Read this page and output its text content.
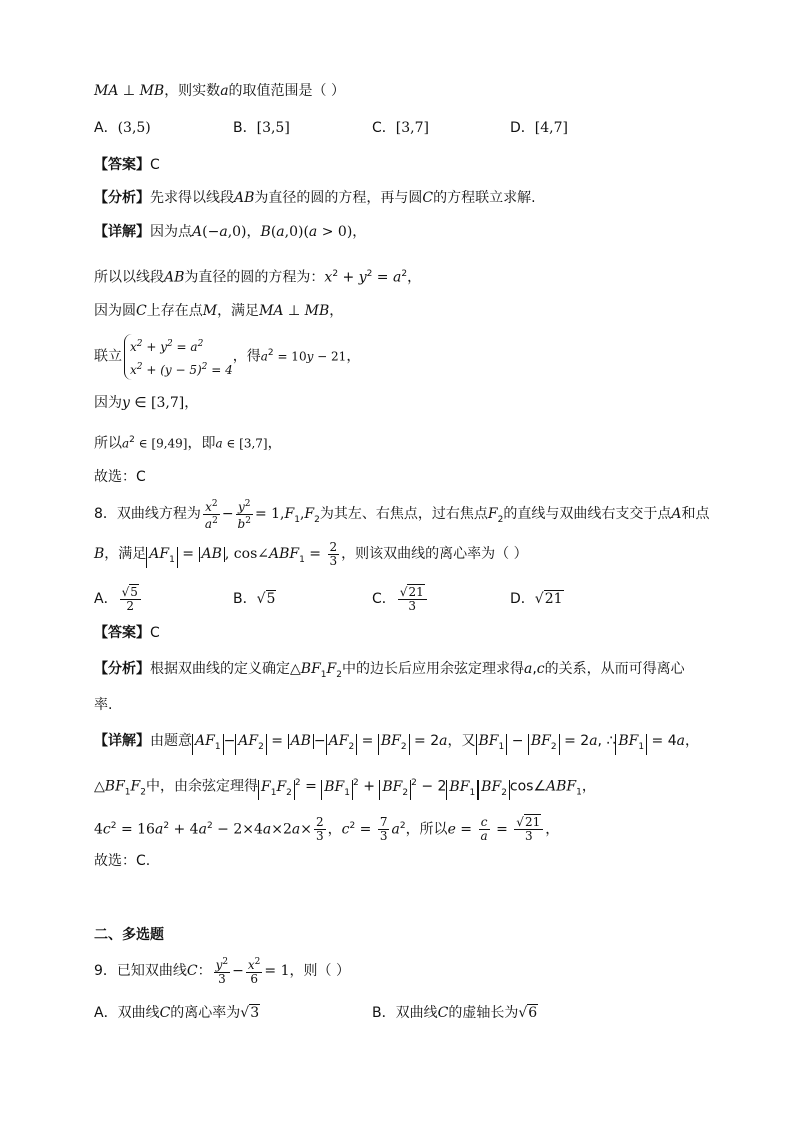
MA ⊥ MB，则实数a的取值范围是（ ）
A．(3,5)	B．[3,5]	C．[3,7]	D．[4,7]
【答案】C
【分析】先求得以线段AB为直径的圆的方程，再与圆C的方程联立求解.
【详解】因为点A(−a,0)，B(a,0)(a > 0)，
所以以线段AB为直径的圆的方程为：$x^2 + y^2 = a^2$，
因为圆C上存在点M，满足MA ⊥ MB，
联立$x^2 + y^2 = a^2$
$x^2 + (y - 5)^2 = 4$，得$a^2 = 10y - 21$，
因为y ∈ [3,7]，
所以$a^2$ ∈ [9,49]，即a ∈ [3,7]，
故选：C
8．双曲线方程为 $\frac{x^2}{a^2} - \frac{y^2}{b^2} = 1,F_1,F_2$为其左、右焦点，过右焦点$F_2$的直线与双曲线右支交于点A和点
B，满足 $AF_1$ = AB , $\cos\angle ABF_1 = \frac{2}{3}$ ，则该双曲线的离心率为（ ）
A． $\frac{√5}{2}$	B．√5	C． $\frac{√21}{3}$	D．√21
【答案】C
【分析】根据双曲线的定义确定$\triangle BF_1F_2$中的边长后应用余弦定理求得a,c的关系，从而可得离心
率.
【详解】由题意 $AF_1 - AF_2$ = AB − $AF_2 = BF_2 = 2a$，又 $BF_1 - BF_2 = 2a$, ∴ $BF_1 = 4a$，
$\triangle BF_1F_2$中，由余弦定理得 $F_1F_2^2 = BF_1^2 + BF_2^2 - 2$ $BF_1$ $BF_2$ $\cos\angle ABF_1$，
$4c^2 = 16a^2 + 4a^2 - 2\times 4a\times 2a\times \frac{2}{3}$ ，$c^2 = \frac{7}{3} a^2$，所以$e = \frac{c}{a} = \frac{√21}{3}$ ，
故选：C.
二、多选题
9．已知双曲线C： $\frac{y^2}{3} - \frac{x^2}{6} = 1$，则（ ）
A．双曲线C的离心率为√3	B．双曲线C的虚轴长为√6
